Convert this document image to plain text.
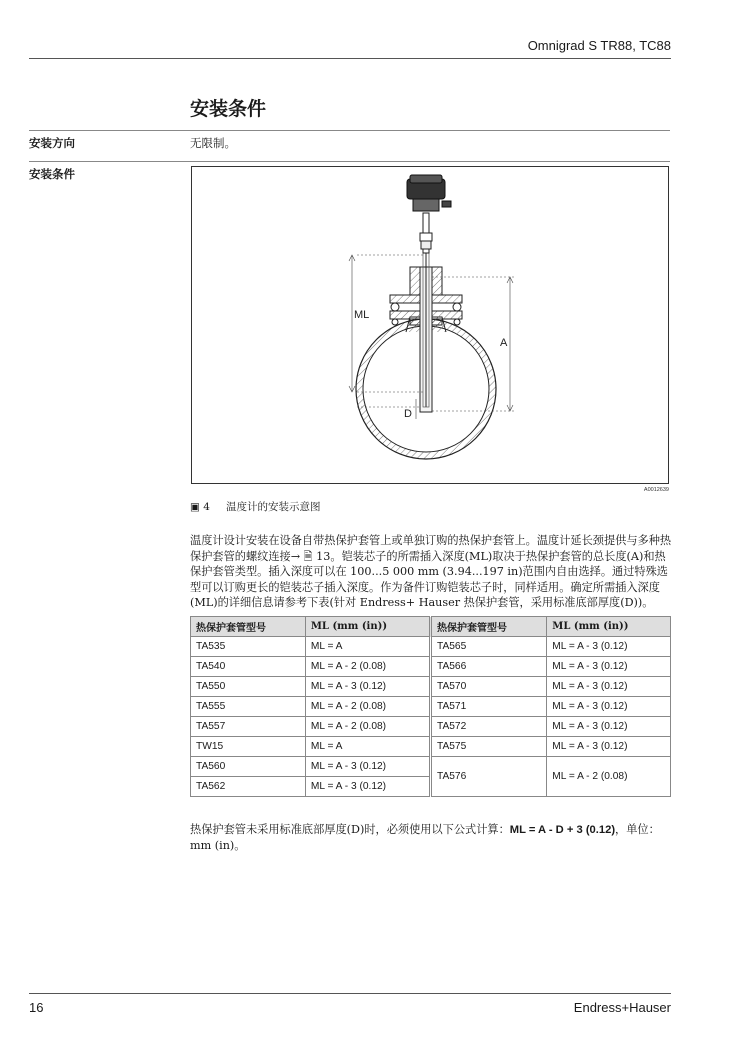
Omnigrad S TR88, TC88
安装条件
安装方向	无限制。
安装条件
ML
A
D
A0012639
▣ 4 温度计的安装示意图
温度计设计安装在设备自带热保护套管上或单独订购的热保护套管上。温度计延长颈提供与多种热保护套管的螺纹连接→ 🗎 13。铠装芯子的所需插入深度(ML)取决于热保护套管的总长度(A)和热保护套管类型。插入深度可以在 100...5 000 mm (3.94...197 in)范围内自由选择。通过特殊选型可以订购更长的铠装芯子插入深度。作为备件订购铠装芯子时，同样适用。确定所需插入深度(ML)的详细信息请参考下表(针对 Endress+ Hauser 热保护套管，采用标准底部厚度(D))。
热保护套管型号	ML (mm (in))	热保护套管型号	ML (mm (in))
TA535	ML = A	TA565	ML = A - 3 (0.12)
TA540	ML = A - 2 (0.08)	TA566	ML = A - 3 (0.12)
TA550	ML = A - 3 (0.12)	TA570	ML = A - 3 (0.12)
TA555	ML = A - 2 (0.08)	TA571	ML = A - 3 (0.12)
TA557	ML = A - 2 (0.08)	TA572	ML = A - 3 (0.12)
TW15	ML = A	TA575	ML = A - 3 (0.12)
TA560	ML = A - 3 (0.12)	TA576	ML = A - 2 (0.08)
TA562	ML = A - 3 (0.12)		
热保护套管未采用标准底部厚度(D)时，必须使用以下公式计算：ML = A - D + 3 (0.12)，单位：mm (in)。
16	Endress+Hauser
